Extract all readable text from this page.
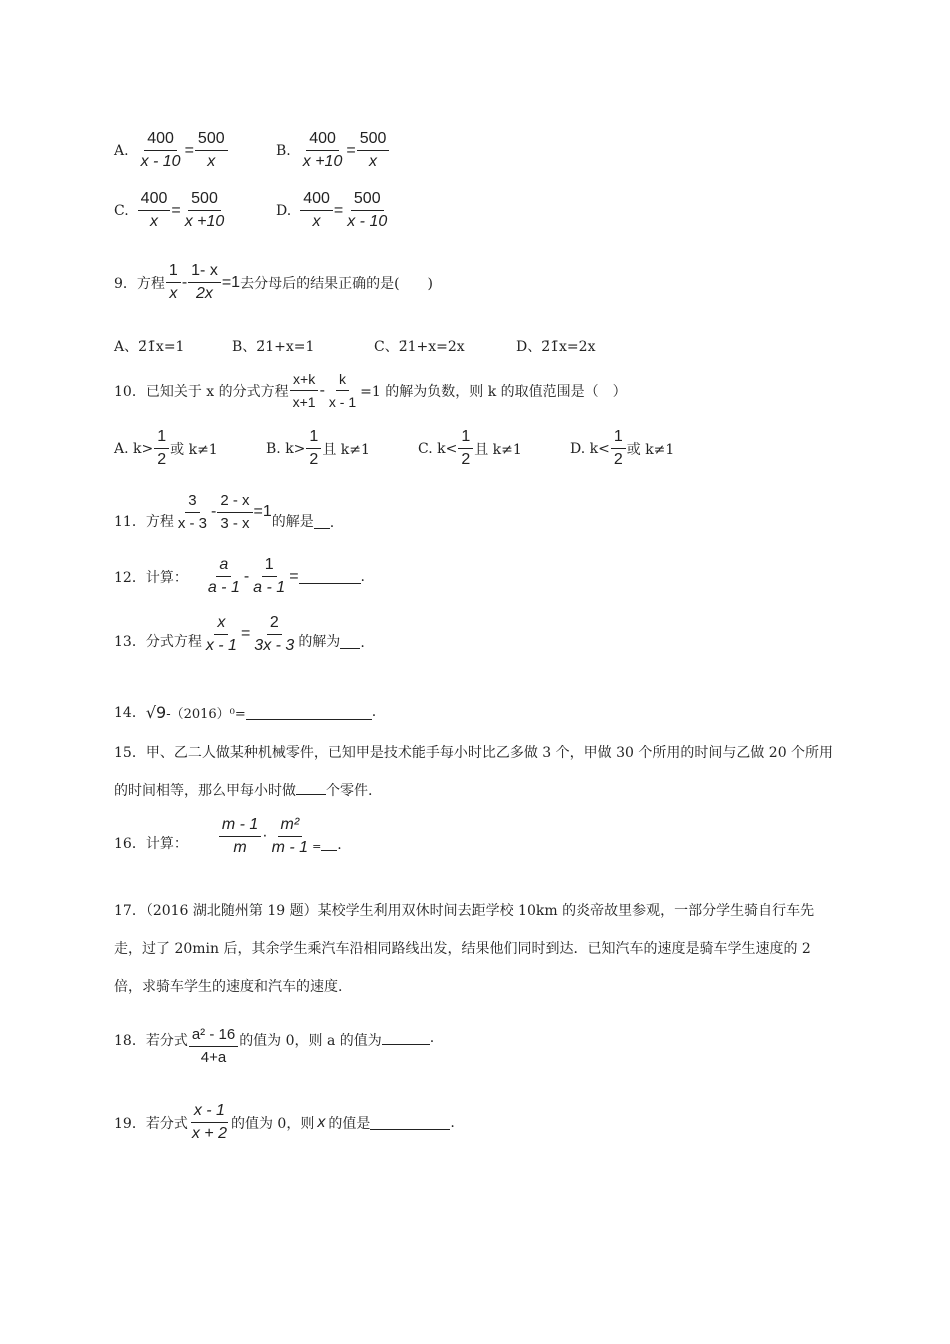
A. $\frac{400}{x - 10} = \frac{500}{x}$	B. $\frac{400}{x +10} = \frac{500}{x}$
C. $\frac{400}{x} = \frac{500}{x +10}$	D. $\frac{400}{x} = \frac{500}{x - 10}$
9．方程 $\frac{1}{x} - \frac{1- x}{2x} =1$ 去分母后的结果正确的是(　　)
A、2̄1̄x=1	B、2̄1+x=1	C、2̄1+x=2x	D、2̄1̄x=2x
10．已知关于 x 的分式方程 $\frac{x+k}{x+1} - \frac{k}{x - 1} =1$ 的解为负数，则 k 的取值范围是（　）
A. $k> \frac{1}{2}$ 或 k≠1	B. $k> \frac{1}{2}$ 且 k≠1	C. $k< \frac{1}{2}$ 且 k≠1	D. $k< \frac{1}{2}$ 或 k≠1
11．方程 $\frac{3}{x - 3} - \frac{2 - x}{3 - x} =1$
的解是 .
12．计算： $\frac{a}{a - 1} - \frac{1}{a - 1}$ =	.
13．分式方程 $\frac{x}{x - 1} = \frac{2}{3x - 3}$ 的解为 .
14． √9 -（2016）⁰=	.
15．甲、乙二人做某种机械零件，已知甲是技术能手每小时比乙多做 3 个，甲做 30 个所用的时间与乙做 20 个所用的时间相等，那么甲每小时做 个零件.
16．计算： $\frac{m - 1}{m} \cdot \frac{\text{m²}}{m - 1}$ = .
17．（2016 湖北随州第 19 题）某校学生利用双休时间去距学校 10km 的炎帝故里参观，一部分学生骑自行车先走，过了 20min 后，其余学生乘汽车沿相同路线出发，结果他们同时到达．已知汽车的速度是骑车学生速度的 2 倍，求骑车学生的速度和汽车的速度.
18．若分式 $\frac{\text{a² - 16}}{4+a}$ 的值为 0，则 a 的值为	.
19．若分式 $\frac{x - 1}{x + 2}$ 的值为 0，则 x 的值是	.
